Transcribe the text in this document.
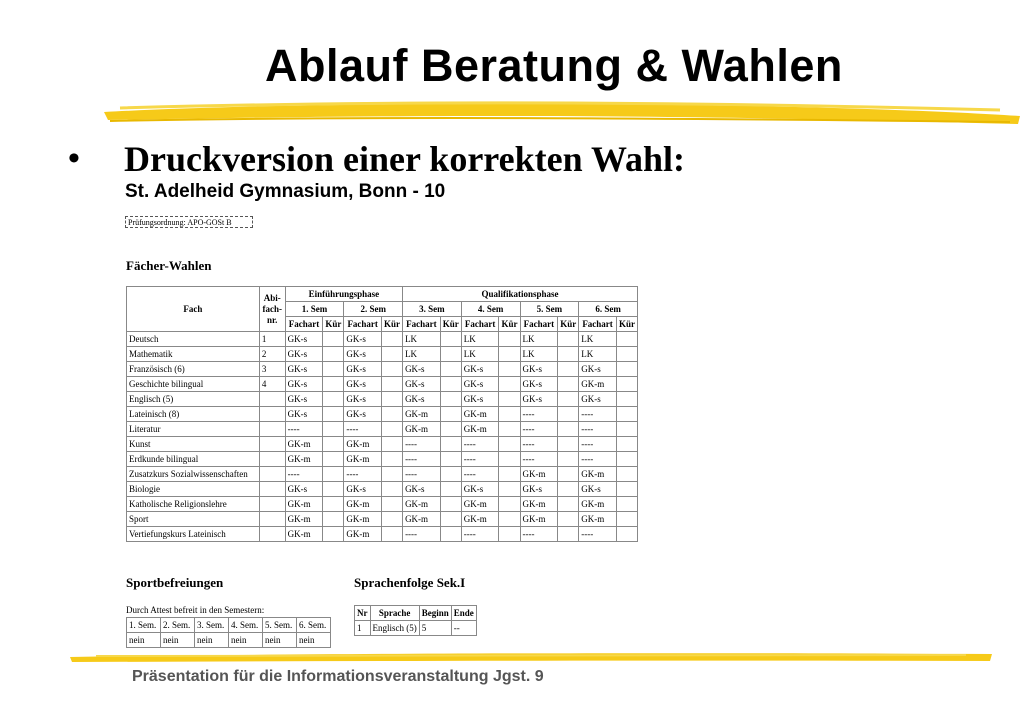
Ablauf Beratung & Wahlen
• Druckversion einer korrekten Wahl:
St. Adelheid Gymnasium, Bonn - 10
Prüfungsordnung: APO-GOSt B
Fächer-Wahlen
Fach	Abi-fach-nr.	Einführungsphase				Qualifikationsphase							
		1. Sem		2. Sem		3. Sem		4. Sem		5. Sem		6. Sem	
		Fachart	Kür	Fachart	Kür	Fachart	Kür	Fachart	Kür	Fachart	Kür	Fachart	Kür
Deutsch	1	GK-s		GK-s		LK		LK		LK		LK	
Mathematik	2	GK-s		GK-s		LK		LK		LK		LK	
Französisch (6)	3	GK-s		GK-s		GK-s		GK-s		GK-s		GK-s	
Geschichte bilingual	4	GK-s		GK-s		GK-s		GK-s		GK-s		GK-m	
Englisch (5)		GK-s		GK-s		GK-s		GK-s		GK-s		GK-s	
Lateinisch (8)		GK-s		GK-s		GK-m		GK-m		----		----	
Literatur		----		----		GK-m		GK-m		----		----	
Kunst		GK-m		GK-m		----		----		----		----	
Erdkunde bilingual		GK-m		GK-m		----		----		----		----	
Zusatzkurs Sozialwissenschaften		----		----		----		----		GK-m		GK-m	
Biologie		GK-s		GK-s		GK-s		GK-s		GK-s		GK-s	
Katholische Religionslehre		GK-m		GK-m		GK-m		GK-m		GK-m		GK-m	
Sport		GK-m		GK-m		GK-m		GK-m		GK-m		GK-m	
Vertiefungskurs Lateinisch		GK-m		GK-m		----		----		----		----	
Sportbefreiungen
Durch Attest befreit in den Semestern:
1. Sem.	2. Sem.	3. Sem.	4. Sem.	5. Sem.	6. Sem.
nein	nein	nein	nein	nein	nein
Sprachenfolge Sek.I
Nr	Sprache	Beginn	Ende
1	Englisch (5)	5	--
Präsentation für die Informationsveranstaltung Jgst. 9
